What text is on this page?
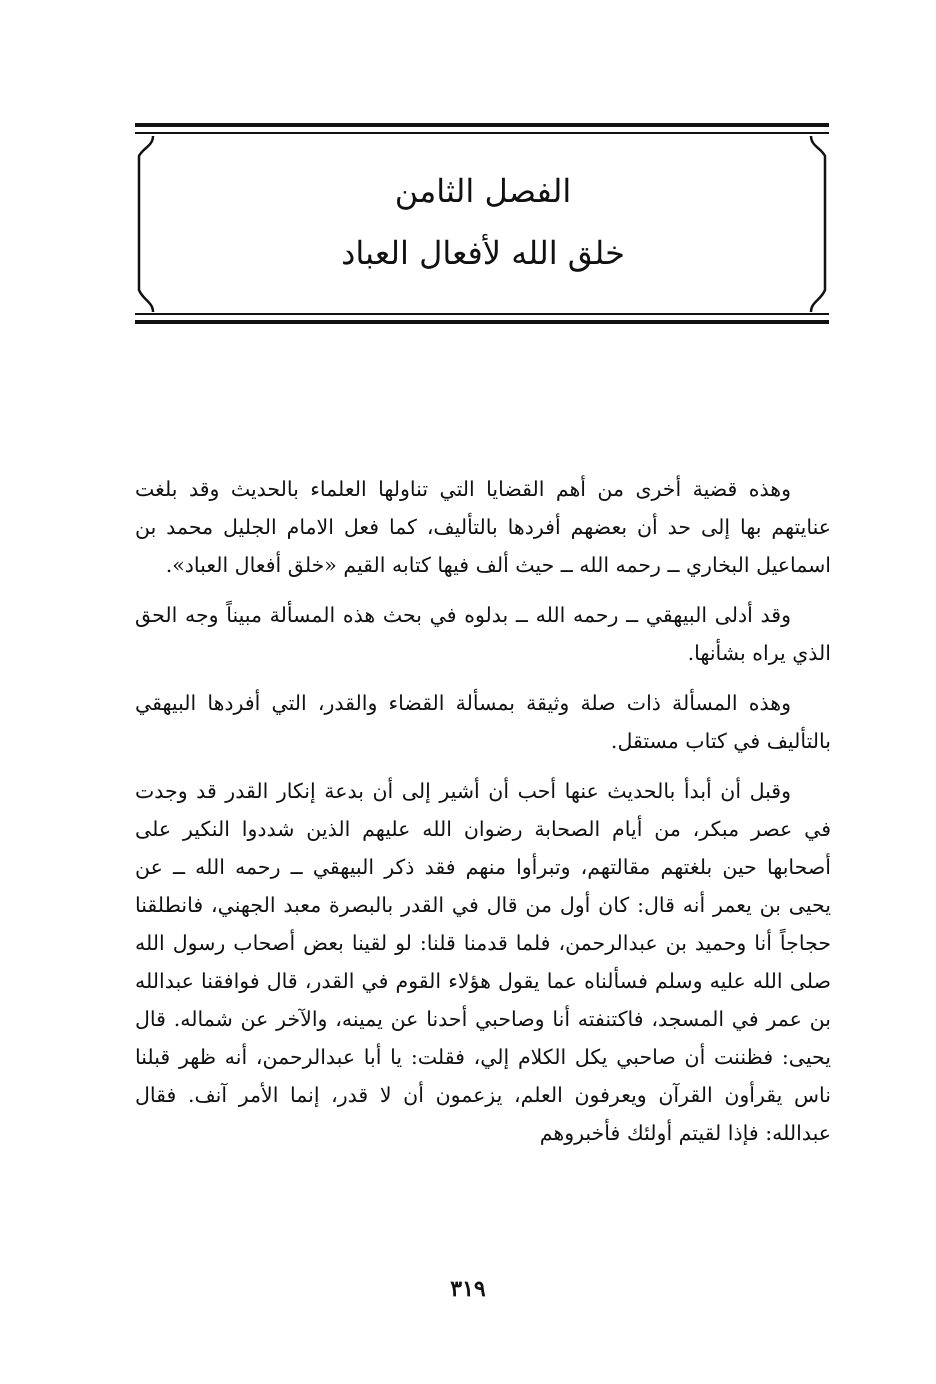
الفصل الثامن
خلق الله لأفعال العباد

وهذه قضية أخرى من أهم القضايا التي تناولها العلماء بالحديث وقد بلغت عنايتهم بها إلى حد أن بعضهم أفردها بالتأليف، كما فعل الامام الجليل محمد بن اسماعيل البخاري ــ رحمه الله ــ حيث ألف فيها كتابه القيم «خلق أفعال العباد».

وقد أدلى البيهقي ــ رحمه الله ــ بدلوه في بحث هذه المسألة مبيناً وجه الحق الذي يراه بشأنها.

وهذه المسألة ذات صلة وثيقة بمسألة القضاء والقدر، التي أفردها البيهقي بالتأليف في كتاب مستقل.

وقبل أن أبدأ بالحديث عنها أحب أن أشير إلى أن بدعة إنكار القدر قد وجدت في عصر مبكر، من أيام الصحابة رضوان الله عليهم الذين شددوا النكير على أصحابها حين بلغتهم مقالتهم، وتبرأوا منهم فقد ذكر البيهقي ــ رحمه الله ــ عن يحيى بن يعمر أنه قال: كان أول من قال في القدر بالبصرة معبد الجهني، فانطلقنا حجاجاً أنا وحميد بن عبدالرحمن، فلما قدمنا قلنا: لو لقينا بعض أصحاب رسول الله صلى الله عليه وسلم فسألناه عما يقول هؤلاء القوم في القدر، قال فوافقنا عبدالله بن عمر في المسجد، فاكتنفته أنا وصاحبي أحدنا عن يمينه، والآخر عن شماله. قال يحيى: فظننت أن صاحبي يكل الكلام إلي، فقلت: يا أبا عبدالرحمن، أنه ظهر قبلنا ناس يقرأون القرآن ويعرفون العلم، يزعمون أن لا قدر، إنما الأمر آنف. فقال عبدالله: فإذا لقيتم أولئك فأخبروهم

٣١٩
